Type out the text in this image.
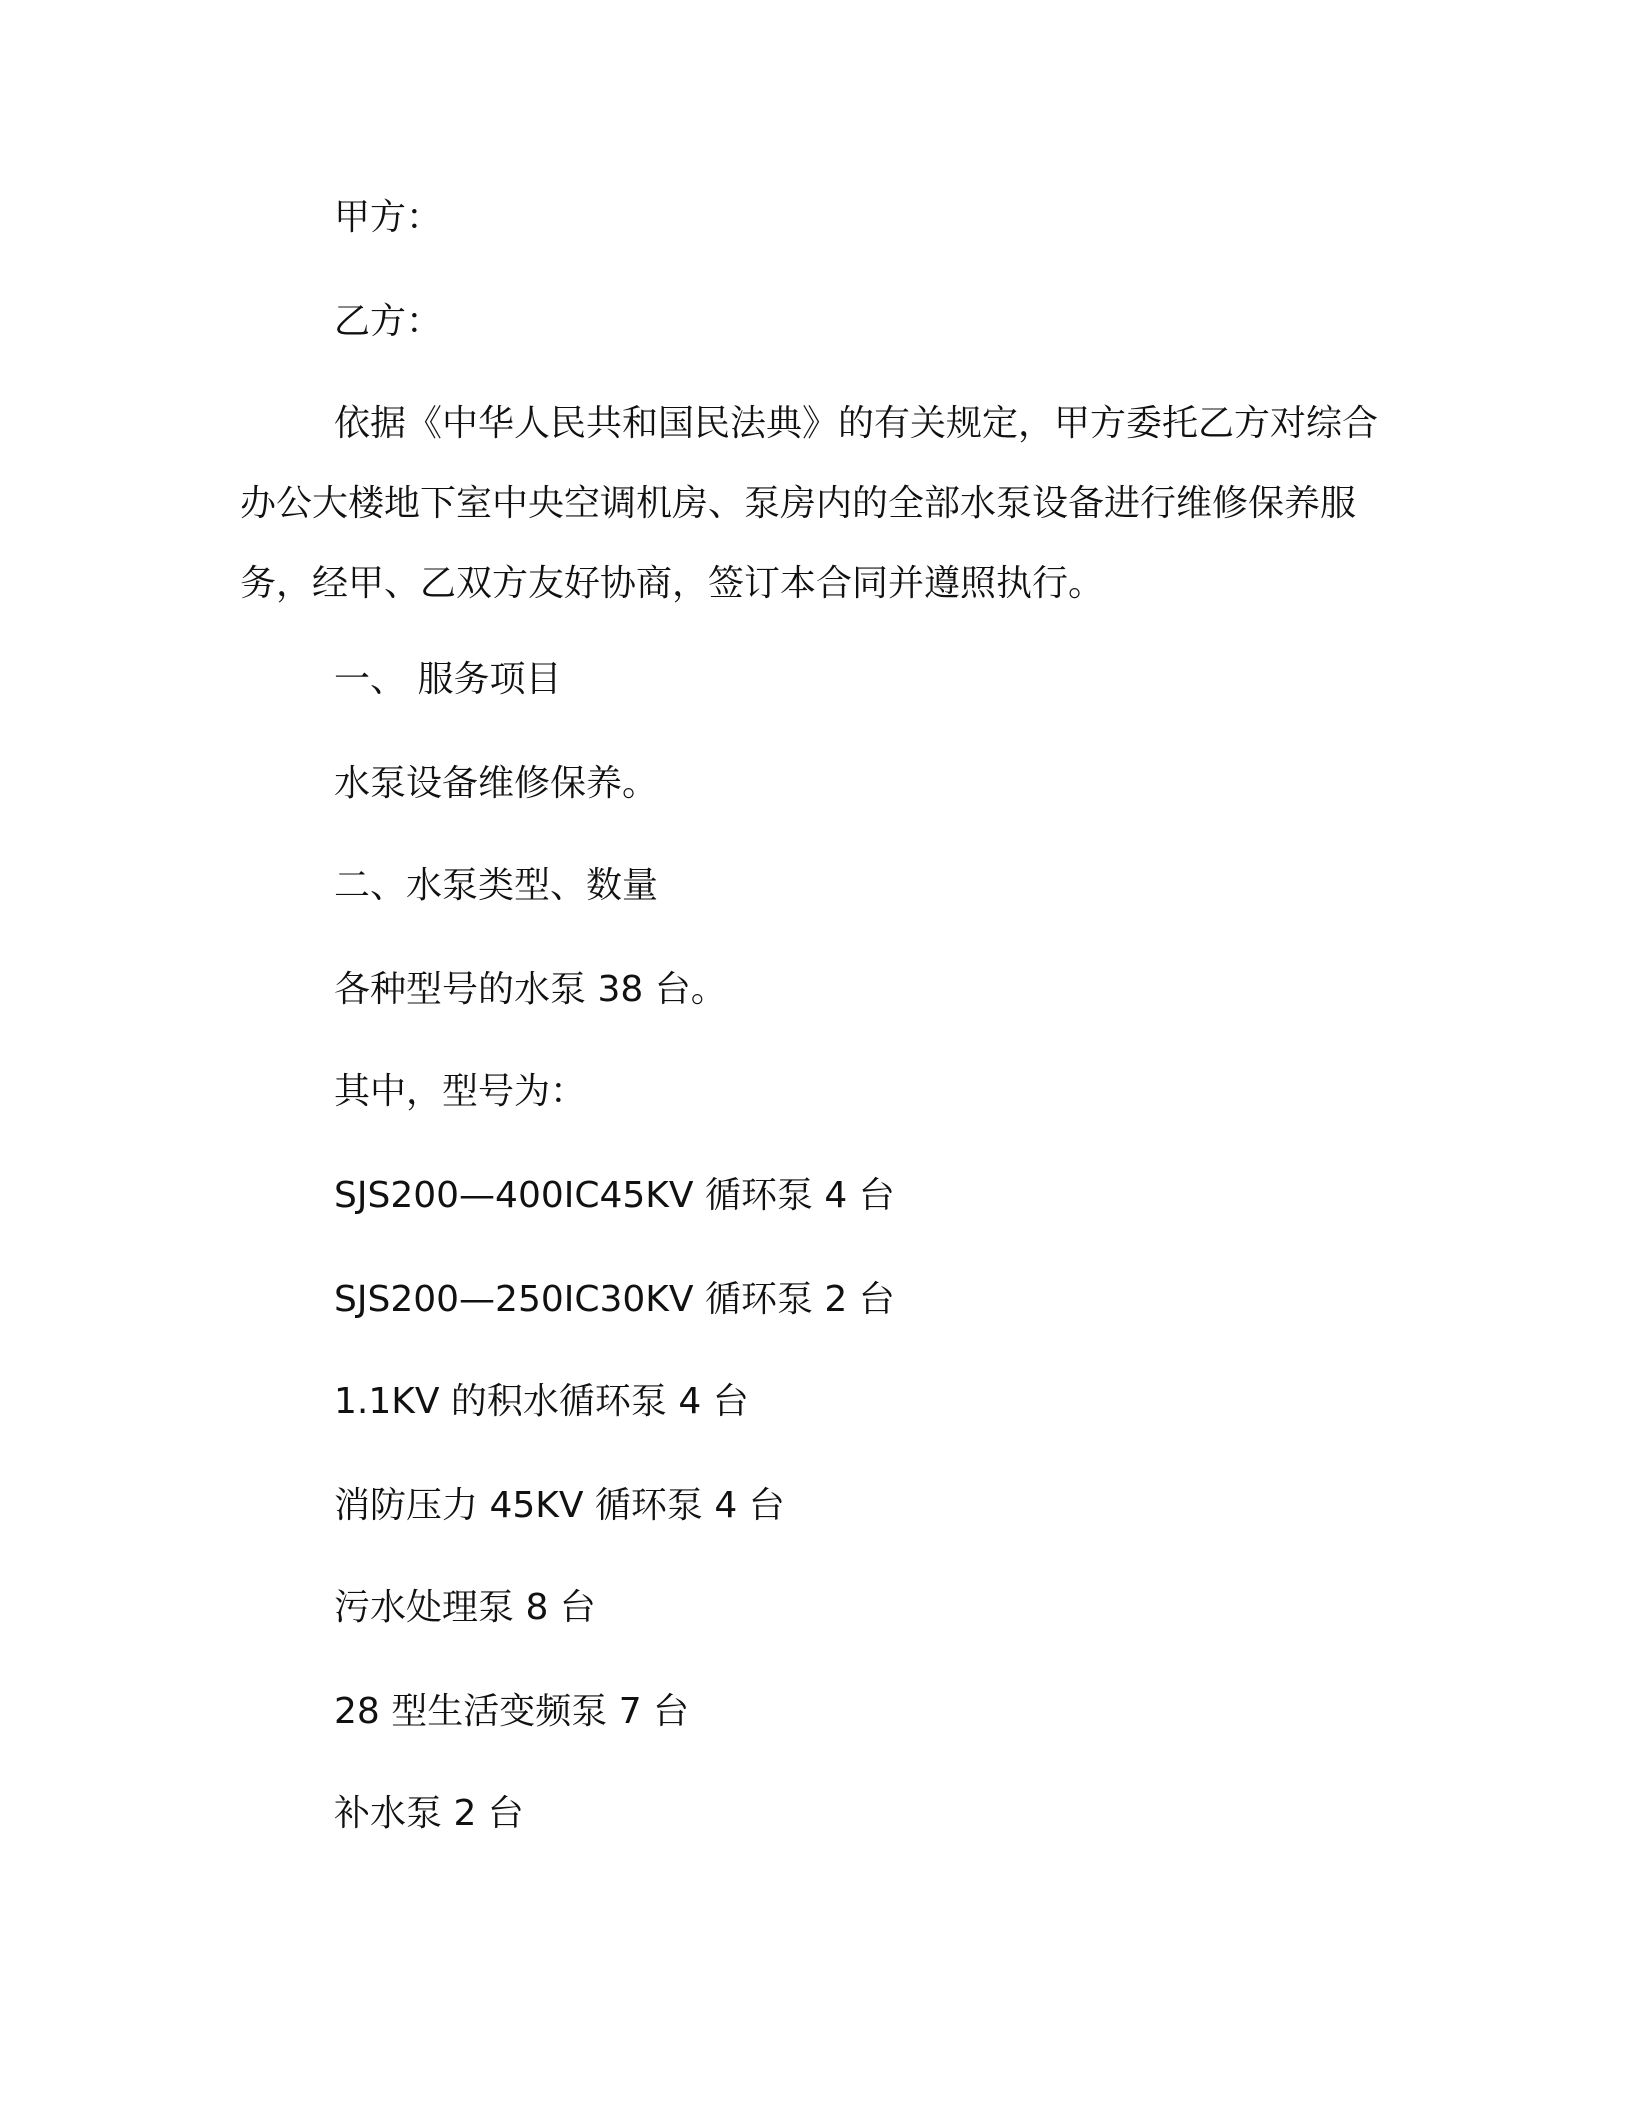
甲方：

乙方：

依据《中华人民共和国民法典》的有关规定，甲方委托乙方对综合办公大楼地下室中央空调机房、泵房内的全部水泵设备进行维修保养服务，经甲、乙双方友好协商，签订本合同并遵照执行。

一、 服务项目

水泵设备维修保养。

二、水泵类型、数量

各种型号的水泵 38 台。

其中，型号为：

SJS200—400IC45KV 循环泵 4 台

SJS200—250IC30KV 循环泵 2 台

1.1KV 的积水循环泵 4 台

消防压力 45KV 循环泵 4 台

污水处理泵 8 台

28 型生活变频泵 7 台

补水泵 2 台
